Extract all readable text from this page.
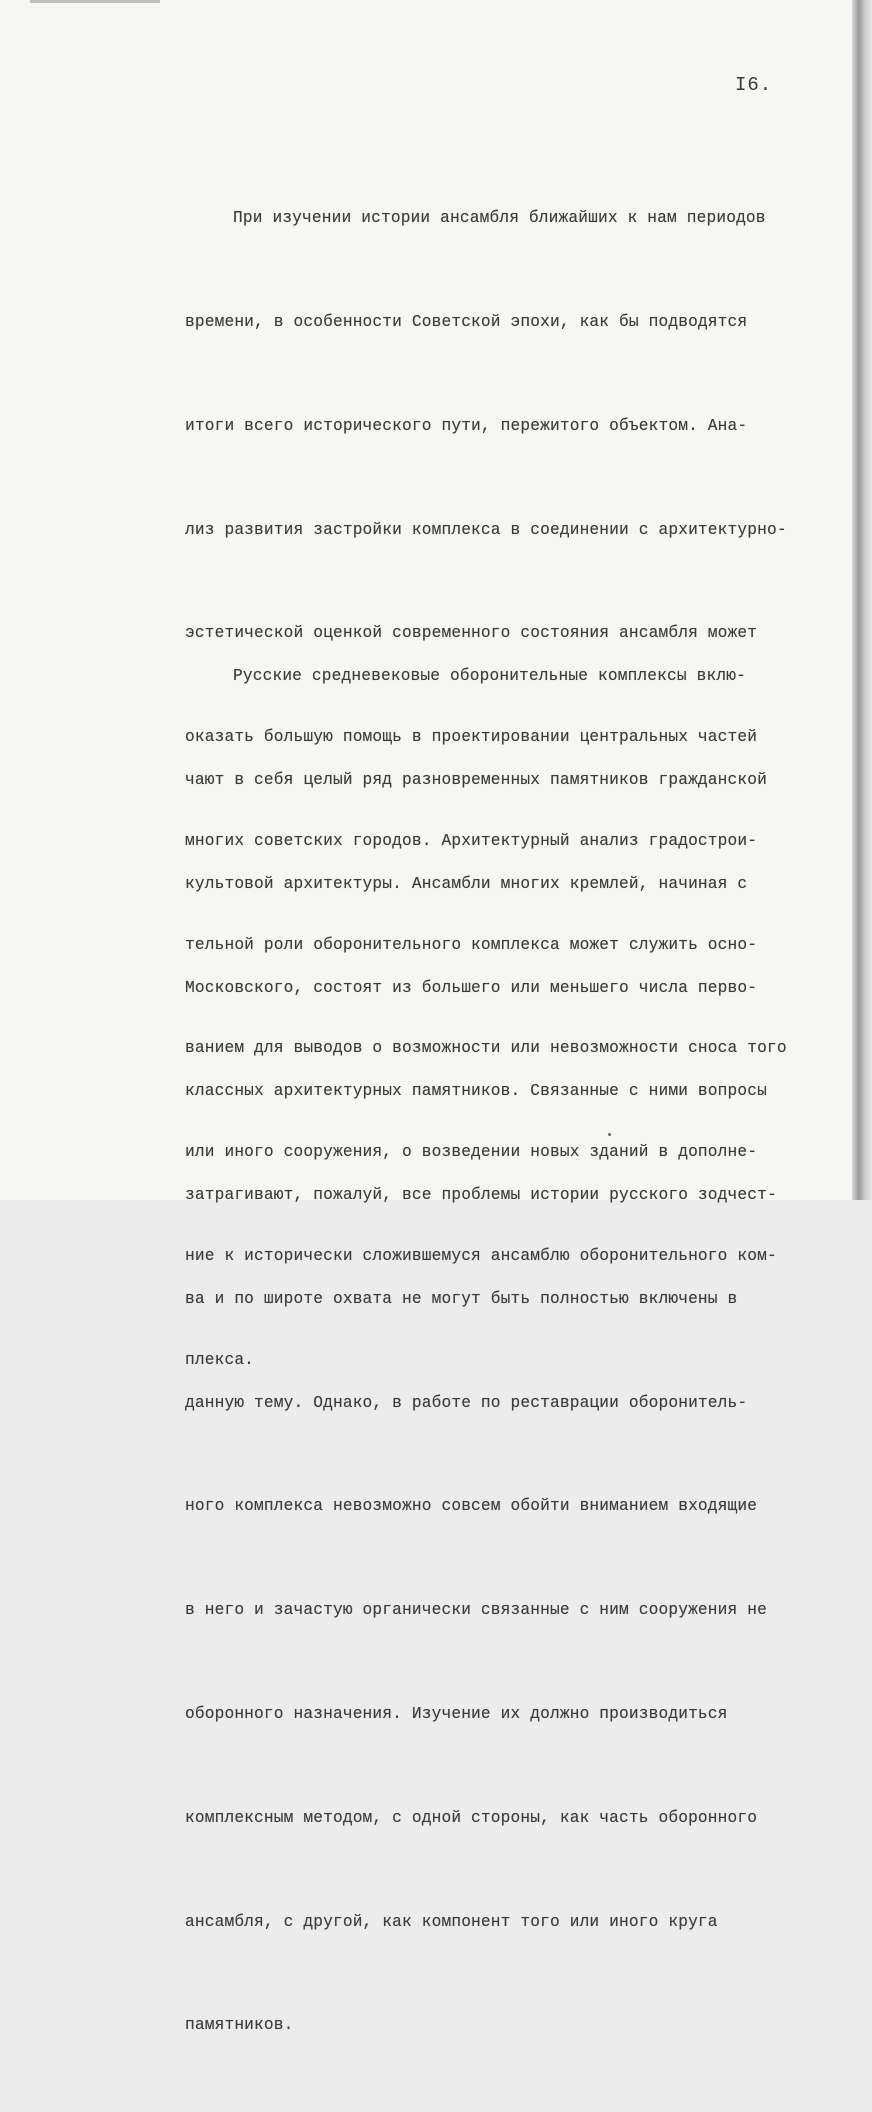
I6.

При изучении истории ансамбля ближайших к нам периодов

времени, в особенности Советской эпохи, как бы подводятся

итоги всего исторического пути, пережитого объектом. Ана-

лиз развития застройки комплекса в соединении с архитектурно-

эстетической оценкой современного состояния ансамбля может

оказать большую помощь в проектировании центральных частей

многих советских городов. Архитектурный анализ градострои-

тельной роли оборонительного комплекса может служить осно-

ванием для выводов о возможности или невозможности сноса того

или иного сооружения, о возведении новых зданий в дополне-

ние к исторически сложившемуся ансамблю оборонительного ком-

плекса.

Русские средневековые оборонительные комплексы вклю-

чают в себя целый ряд разновременных памятников гражданской

культовой архитектуры. Ансамбли многих кремлей, начиная с

Московского, состоят из большего или меньшего числа перво-

классных архитектурных памятников. Связанные с ними вопросы

затрагивают, пожалуй, все проблемы истории русского зодчест-

ва и по широте охвата не могут быть полностью включены в

данную тему. Однако, в работе по реставрации оборонитель-

ного комплекса невозможно совсем обойти вниманием входящие

в него и зачастую органически связанные с ним сооружения не

оборонного назначения. Изучение их должно производиться

комплексным методом, с одной стороны, как часть оборонного

ансамбля, с другой, как компонент того или иного круга

памятников.
